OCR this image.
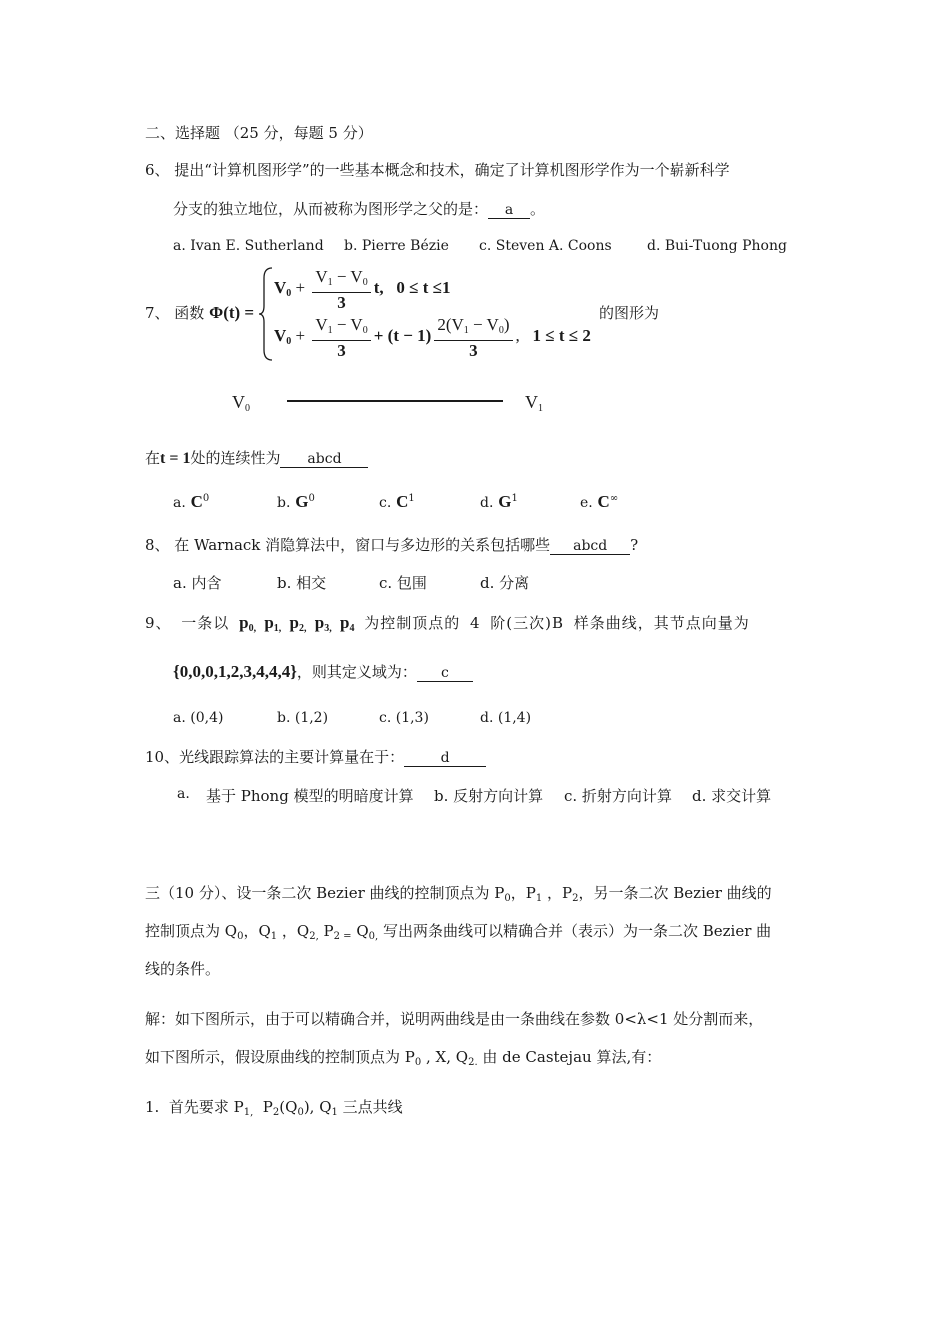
二、选择题 （25 分，每题 5 分）
6、 提出“计算机图形学”的一些基本概念和技术，确定了计算机图形学作为一个崭新科学
分支的独立地位，从而被称为图形学之父的是： a 。
a. Ivan E. Sutherland b. Pierre Bézie c. Steven A. Coons	d. Bui-Tuong Phong
7、 函数 Φ(t) =
$V_0 + \frac{V_1 - V_0}{3} t$, 0 ≤ t ≤1
$V_0 + \frac{V_1 - V_0}{3} + (t - 1) \frac{2(V_1 - V_0)}{3}$ ,   1 ≤ t ≤ 2
的图形为
$V_0$	$V_1$
在t = 1处的连续性为 abcd
a. $C^0$	b. $G^0$	c. $C^1$	d. $G^1$	e. C∞
8、 在 Warnack 消隐算法中，窗口与多边形的关系包括哪些 abcd ?
a. 内含	b. 相交	c. 包围	d. 分离
9、 一条以 $p_{0,}$ $p_{1,}$ $p_{2,}$ $p_{3,}$ $p_4$ 为控制顶点的 4 阶(三次)B 样条曲线，其节点向量为
{0,0,0,1,2,3,4,4,4}，则其定义域为： c
a. (0,4)	b. (1,2)	c. (1,3)	d. (1,4)
10、光线跟踪算法的主要计算量在于：	d
a. 基于 Phong 模型的明暗度计算 b. 反射方向计算 c. 折射方向计算 d. 求交计算
三（10 分）、设一条二次 Bezier 曲线的控制顶点为 $P_0$，$P_1$ ，$P_2$，另一条二次 Bezier 曲线的
控制顶点为 $Q_0$，$Q_1$ ，$Q_{2,}$ $P_{2 =}$ $Q_{0,}$ 写出两条曲线可以精确合并（表示）为一条二次 Bezier 曲
线的条件。
解：如下图所示，由于可以精确合并，说明两曲线是由一条曲线在参数 0<λ<1 处分割而来，
如下图所示，假设原曲线的控制顶点为 $P_0$ , X, $Q_{2.}$ 由 de Castejau 算法,有：
1.  首先要求 $P_{1,}$  $P_2(Q_0)$, $Q_1$ 三点共线
